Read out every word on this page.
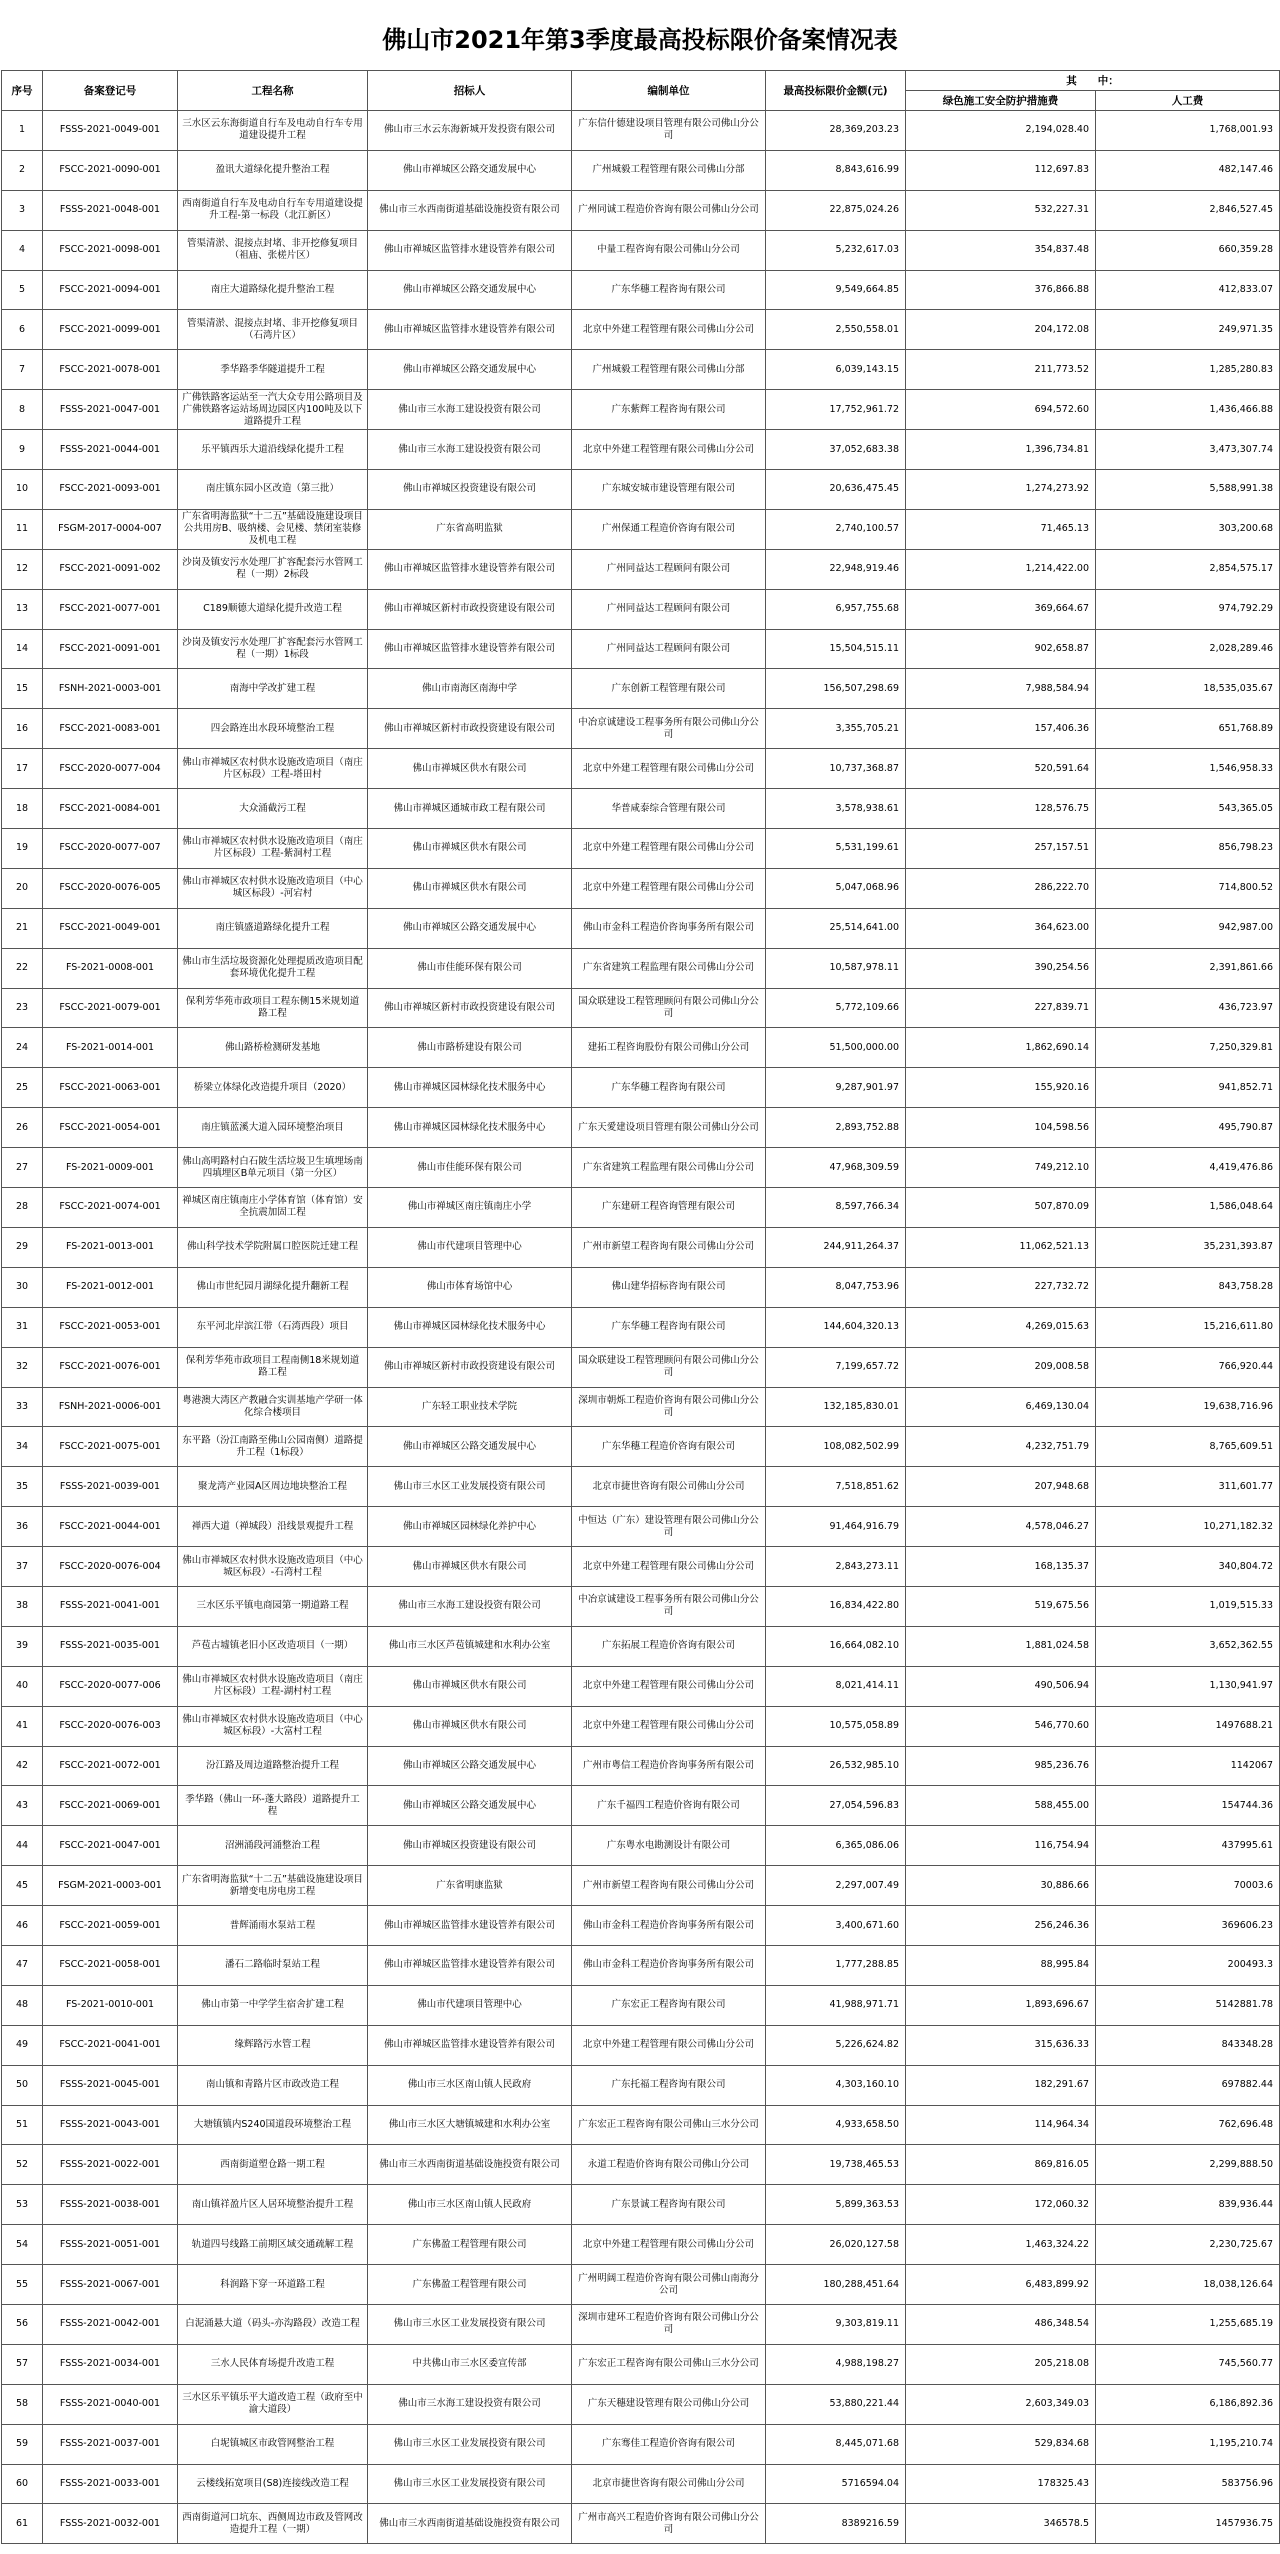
佛山市2021年第3季度最高投标限价备案情况表
序号	备案登记号	工程名称	招标人	编制单位	最高投标限价金额(元)	其　　中：	
						绿色施工安全防护措施费	人工费
1	FSSS-2021-0049-001	三水区云东海街道自行车及电动自行车专用道建设提升工程	佛山市三水云东海新城开发投资有限公司	广东信什德建设项目管理有限公司佛山分公司	28,369,203.23	2,194,028.40	1,768,001.93
2	FSCC-2021-0090-001	盈讯大道绿化提升整治工程	佛山市禅城区公路交通发展中心	广州城毅工程管理有限公司佛山分部	8,843,616.99	112,697.83	482,147.46
3	FSSS-2021-0048-001	西南街道自行车及电动自行车专用道建设提升工程-第一标段（北江新区）	佛山市三水西南街道基础设施投资有限公司	广州同诚工程造价咨询有限公司佛山分公司	22,875,024.26	532,227.31	2,846,527.45
4	FSCC-2021-0098-001	管渠清淤、混接点封堵、非开挖修复项目（祖庙、张槎片区）	佛山市禅城区监管排水建设管养有限公司	中量工程咨询有限公司佛山分公司	5,232,617.03	354,837.48	660,359.28
5	FSCC-2021-0094-001	南庄大道路绿化提升整治工程	佛山市禅城区公路交通发展中心	广东华穗工程咨询有限公司	9,549,664.85	376,866.88	412,833.07
6	FSCC-2021-0099-001	管渠清淤、混接点封堵、非开挖修复项目（石湾片区）	佛山市禅城区监管排水建设管养有限公司	北京中外建工程管理有限公司佛山分公司	2,550,558.01	204,172.08	249,971.35
7	FSCC-2021-0078-001	季华路季华隧道提升工程	佛山市禅城区公路交通发展中心	广州城毅工程管理有限公司佛山分部	6,039,143.15	211,773.52	1,285,280.83
8	FSSS-2021-0047-001	广佛铁路客运站至一汽大众专用公路项目及广佛铁路客运站场周边园区内100吨及以下道路提升工程	佛山市三水海工建设投资有限公司	广东紫辉工程咨询有限公司	17,752,961.72	694,572.60	1,436,466.88
9	FSSS-2021-0044-001	乐平镇西乐大道沿线绿化提升工程	佛山市三水海工建设投资有限公司	北京中外建工程管理有限公司佛山分公司	37,052,683.38	1,396,734.81	3,473,307.74
10	FSCC-2021-0093-001	南庄镇东园小区改造（第三批）	佛山市禅城区投资建设有限公司	广东城安城市建设管理有限公司	20,636,475.45	1,274,273.92	5,588,991.38
11	FSGM-2017-0004-007	广东省明海监狱“十二五”基础设施建设项目公共用房B、吸纳楼、会见楼、禁闭室装修及机电工程	广东省高明监狱	广州保通工程造价咨询有限公司	2,740,100.57	71,465.13	303,200.68
12	FSCC-2021-0091-002	沙岗及镇安污水处理厂扩容配套污水管网工程（一期）2标段	佛山市禅城区监管排水建设管养有限公司	广州同益达工程顾问有限公司	22,948,919.46	1,214,422.00	2,854,575.17
13	FSCC-2021-0077-001	C189顺德大道绿化提升改造工程	佛山市禅城区新村市政投资建设有限公司	广州同益达工程顾问有限公司	6,957,755.68	369,664.67	974,792.29
14	FSCC-2021-0091-001	沙岗及镇安污水处理厂扩容配套污水管网工程（一期）1标段	佛山市禅城区监管排水建设管养有限公司	广州同益达工程顾问有限公司	15,504,515.11	902,658.87	2,028,289.46
15	FSNH-2021-0003-001	南海中学改扩建工程	佛山市南海区南海中学	广东创新工程管理有限公司	156,507,298.69	7,988,584.94	18,535,035.67
16	FSCC-2021-0083-001	四会路连出水段环境整治工程	佛山市禅城区新村市政投资建设有限公司	中冶京诚建设工程事务所有限公司佛山分公司	3,355,705.21	157,406.36	651,768.89
17	FSCC-2020-0077-004	佛山市禅城区农村供水设施改造项目（南庄片区标段）工程-塔田村	佛山市禅城区供水有限公司	北京中外建工程管理有限公司佛山分公司	10,737,368.87	520,591.64	1,546,958.33
18	FSCC-2021-0084-001	大众涌截污工程	佛山市禅城区通城市政工程有限公司	华普咸泰综合管理有限公司	3,578,938.61	128,576.75	543,365.05
19	FSCC-2020-0077-007	佛山市禅城区农村供水设施改造项目（南庄片区标段）工程-紫洞村工程	佛山市禅城区供水有限公司	北京中外建工程管理有限公司佛山分公司	5,531,199.61	257,157.51	856,798.23
20	FSCC-2020-0076-005	佛山市禅城区农村供水设施改造项目（中心城区标段）-河宕村	佛山市禅城区供水有限公司	北京中外建工程管理有限公司佛山分公司	5,047,068.96	286,222.70	714,800.52
21	FSCC-2021-0049-001	南庄镇盛道路绿化提升工程	佛山市禅城区公路交通发展中心	佛山市金科工程造价咨询事务所有限公司	25,514,641.00	364,623.00	942,987.00
22	FS-2021-0008-001	佛山市生活垃圾资源化处理提质改造项目配套环境优化提升工程	佛山市佳能环保有限公司	广东省建筑工程监理有限公司佛山分公司	10,587,978.11	390,254.56	2,391,861.66
23	FSCC-2021-0079-001	保利芳华苑市政项目工程东侧15米规划道路工程	佛山市禅城区新村市政投资建设有限公司	国众联建设工程管理顾问有限公司佛山分公司	5,772,109.66	227,839.71	436,723.97
24	FS-2021-0014-001	佛山路桥检测研发基地	佛山市路桥建设有限公司	建拓工程咨询股份有限公司佛山分公司	51,500,000.00	1,862,690.14	7,250,329.81
25	FSCC-2021-0063-001	桥梁立体绿化改造提升项目（2020）	佛山市禅城区园林绿化技术服务中心	广东华穗工程咨询有限公司	9,287,901.97	155,920.16	941,852.71
26	FSCC-2021-0054-001	南庄镇蓝溪大道入园环境整治项目	佛山市禅城区园林绿化技术服务中心	广东天愛建设项目管理有限公司佛山分公司	2,893,752.88	104,598.56	495,790.87
27	FS-2021-0009-001	佛山高明路村白石陂生活垃圾卫生填埋场南四填埋区B单元项目（第一分区）	佛山市佳能环保有限公司	广东省建筑工程监理有限公司佛山分公司	47,968,309.59	749,212.10	4,419,476.86
28	FSCC-2021-0074-001	禅城区南庄镇南庄小学体育馆（体育馆）安全抗震加固工程	佛山市禅城区南庄镇南庄小学	广东建研工程咨询管理有限公司	8,597,766.34	507,870.09	1,586,048.64
29	FS-2021-0013-001	佛山科学技术学院附属口腔医院迁建工程	佛山市代建项目管理中心	广州市新望工程咨询有限公司佛山分公司	244,911,264.37	11,062,521.13	35,231,393.87
30	FS-2021-0012-001	佛山市世纪园月湖绿化提升翻新工程	佛山市体育场馆中心	佛山建华招标咨询有限公司	8,047,753.96	227,732.72	843,758.28
31	FSCC-2021-0053-001	东平河北岸滨江带（石湾西段）项目	佛山市禅城区园林绿化技术服务中心	广东华穗工程咨询有限公司	144,604,320.13	4,269,015.63	15,216,611.80
32	FSCC-2021-0076-001	保利芳华苑市政项目工程南侧18米规划道路工程	佛山市禅城区新村市政投资建设有限公司	国众联建设工程管理顾问有限公司佛山分公司	7,199,657.72	209,008.58	766,920.44
33	FSNH-2021-0006-001	粤港澳大湾区产教融合实训基地产学研一体化综合楼项目	广东轻工职业技术学院	深圳市朝烁工程造价咨询有限公司佛山分公司	132,185,830.01	6,469,130.04	19,638,716.96
34	FSCC-2021-0075-001	东平路（汾江南路至佛山公园南侧）道路提升工程（1标段）	佛山市禅城区公路交通发展中心	广东华穗工程造价咨询有限公司	108,082,502.99	4,232,751.79	8,765,609.51
35	FSSS-2021-0039-001	聚龙湾产业园A区周边地块整治工程	佛山市三水区工业发展投资有限公司	北京市捷世咨询有限公司佛山分公司	7,518,851.62	207,948.68	311,601.77
36	FSCC-2021-0044-001	禅西大道（禅城段）沿线景观提升工程	佛山市禅城区园林绿化养护中心	中恒达（广东）建设管理有限公司佛山分公司	91,464,916.79	4,578,046.27	10,271,182.32
37	FSCC-2020-0076-004	佛山市禅城区农村供水设施改造项目（中心城区标段）-石湾村工程	佛山市禅城区供水有限公司	北京中外建工程管理有限公司佛山分公司	2,843,273.11	168,135.37	340,804.72
38	FSSS-2021-0041-001	三水区乐平镇电商园第一期道路工程	佛山市三水海工建设投资有限公司	中冶京诚建设工程事务所有限公司佛山分公司	16,834,422.80	519,675.56	1,019,515.33
39	FSSS-2021-0035-001	芦苞古墟镇老旧小区改造项目（一期）	佛山市三水区芦苞镇城建和水利办公室	广东拓展工程造价咨询有限公司	16,664,082.10	1,881,024.58	3,652,362.55
40	FSCC-2020-0077-006	佛山市禅城区农村供水设施改造项目（南庄片区标段）工程-湖村村工程	佛山市禅城区供水有限公司	北京中外建工程管理有限公司佛山分公司	8,021,414.11	490,506.94	1,130,941.97
41	FSCC-2020-0076-003	佛山市禅城区农村供水设施改造项目（中心城区标段）-大富村工程	佛山市禅城区供水有限公司	北京中外建工程管理有限公司佛山分公司	10,575,058.89	546,770.60	1497688.21
42	FSCC-2021-0072-001	汾江路及周边道路整治提升工程	佛山市禅城区公路交通发展中心	广州市粤信工程造价咨询事务所有限公司	26,532,985.10	985,236.76	1142067
43	FSCC-2021-0069-001	季华路（佛山一环-蓬大路段）道路提升工程	佛山市禅城区公路交通发展中心	广东千福四工程造价咨询有限公司	27,054,596.83	588,455.00	154744.36
44	FSCC-2021-0047-001	沼洲涌段河涌整治工程	佛山市禅城区投资建设有限公司	广东粤水电勘测设计有限公司	6,365,086.06	116,754.94	437995.61
45	FSGM-2021-0003-001	广东省明海监狱“十二五”基础设施建设项目新增变电房电房工程	广东省明康监狱	广州市新望工程咨询有限公司佛山分公司	2,297,007.49	30,886.66	70003.6
46	FSCC-2021-0059-001	普辉涌雨水泵站工程	佛山市禅城区监管排水建设管养有限公司	佛山市金科工程造价咨询事务所有限公司	3,400,671.60	256,246.36	369606.23
47	FSCC-2021-0058-001	潘石二路临时泵站工程	佛山市禅城区监管排水建设管养有限公司	佛山市金科工程造价咨询事务所有限公司	1,777,288.85	88,995.84	200493.3
48	FS-2021-0010-001	佛山市第一中学学生宿舍扩建工程	佛山市代建项目管理中心	广东宏正工程咨询有限公司	41,988,971.71	1,893,696.67	5142881.78
49	FSCC-2021-0041-001	缘辉路污水管工程	佛山市禅城区监管排水建设管养有限公司	北京中外建工程管理有限公司佛山分公司	5,226,624.82	315,636.33	843348.28
50	FSSS-2021-0045-001	南山镇和青路片区市政改造工程	佛山市三水区南山镇人民政府	广东托福工程咨询有限公司	4,303,160.10	182,291.67	697882.44
51	FSSS-2021-0043-001	大塘镇镇内S240国道段环境整治工程	佛山市三水区大塘镇城建和水利办公室	广东宏正工程咨询有限公司佛山三水分公司	4,933,658.50	114,964.34	762,696.48
52	FSSS-2021-0022-001	西南街道塑仓路一期工程	佛山市三水西南街道基础设施投资有限公司	永道工程造价咨询有限公司佛山分公司	19,738,465.53	869,816.05	2,299,888.50
53	FSSS-2021-0038-001	南山镇祥盈片区人居环境整治提升工程	佛山市三水区南山镇人民政府	广东景诚工程咨询有限公司	5,899,363.53	172,060.32	839,936.44
54	FSSS-2021-0051-001	轨道四号线路工前期区域交通疏解工程	广东佛盈工程管理有限公司	北京中外建工程管理有限公司佛山分公司	26,020,127.58	1,463,324.22	2,230,725.67
55	FSSS-2021-0067-001	科润路下穿一环道路工程	广东佛盈工程管理有限公司	广州明阔工程造价咨询有限公司佛山南海分公司	180,288,451.64	6,483,899.92	18,038,126.64
56	FSSS-2021-0042-001	白泥涌悬大道（码头-亦沟路段）改造工程	佛山市三水区工业发展投资有限公司	深圳市建环工程造价咨询有限公司佛山分公司	9,303,819.11	486,348.54	1,255,685.19
57	FSSS-2021-0034-001	三水人民体育场提升改造工程	中共佛山市三水区委宣传部	广东宏正工程咨询有限公司佛山三水分公司	4,988,198.27	205,218.08	745,560.77
58	FSSS-2021-0040-001	三水区乐平镇乐平大道改造工程（政府至中渝大道段）	佛山市三水海工建设投资有限公司	广东天穗建设管理有限公司佛山分公司	53,880,221.44	2,603,349.03	6,186,892.36
59	FSSS-2021-0037-001	白坭镇城区市政管网整治工程	佛山市三水区工业发展投资有限公司	广东骞佳工程造价咨询有限公司	8,445,071.68	529,834.68	1,195,210.74
60	FSSS-2021-0033-001	云楼线拓宽项目(S8)连接线改造工程	佛山市三水区工业发展投资有限公司	北京市捷世咨询有限公司佛山分公司	5716594.04	178325.43	583756.96
61	FSSS-2021-0032-001	西南街道河口坑东、西侧周边市政及管网改造提升工程（一期）	佛山市三水西南街道基础设施投资有限公司	广州市高兴工程造价咨询有限公司佛山分公司	8389216.59	346578.5	1457936.75
